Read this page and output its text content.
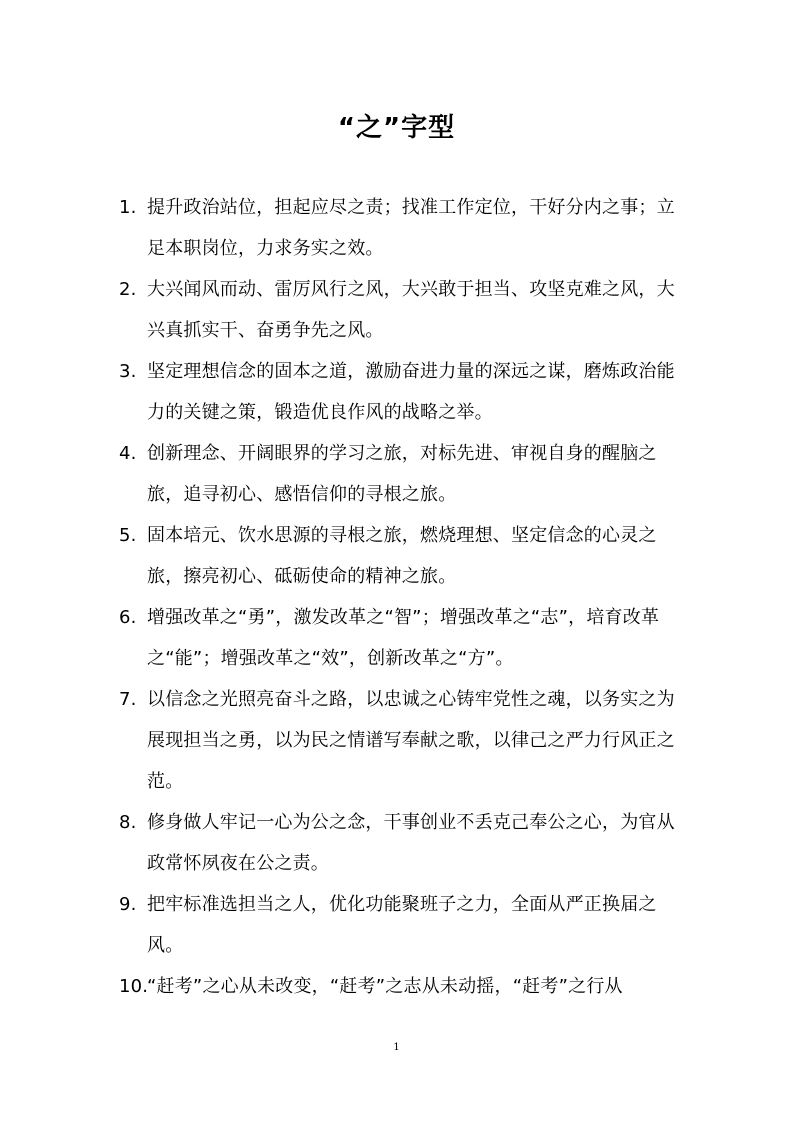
“之”字型
1. 提升政治站位，担起应尽之责；找准工作定位，干好分内之事；立足本职岗位，力求务实之效。
2. 大兴闻风而动、雷厉风行之风，大兴敢于担当、攻坚克难之风，大兴真抓实干、奋勇争先之风。
3. 坚定理想信念的固本之道，激励奋进力量的深远之谋，磨炼政治能力的关键之策，锻造优良作风的战略之举。
4. 创新理念、开阔眼界的学习之旅，对标先进、审视自身的醒脑之旅，追寻初心、感悟信仰的寻根之旅。
5. 固本培元、饮水思源的寻根之旅，燃烧理想、坚定信念的心灵之旅，擦亮初心、砥砺使命的精神之旅。
6. 增强改革之“勇”，激发改革之“智”；增强改革之“志”，培育改革之“能”；增强改革之“效”，创新改革之“方”。
7. 以信念之光照亮奋斗之路，以忠诚之心铸牢党性之魂，以务实之为展现担当之勇，以为民之情谱写奉献之歌，以律己之严力行风正之范。
8. 修身做人牢记一心为公之念，干事创业不丢克己奉公之心，为官从政常怀夙夜在公之责。
9. 把牢标准选担当之人，优化功能聚班子之力，全面从严正换届之风。
10.
“赶考”之心从未改变，“赶考”之志从未动摇，“赶考”之行从
1
